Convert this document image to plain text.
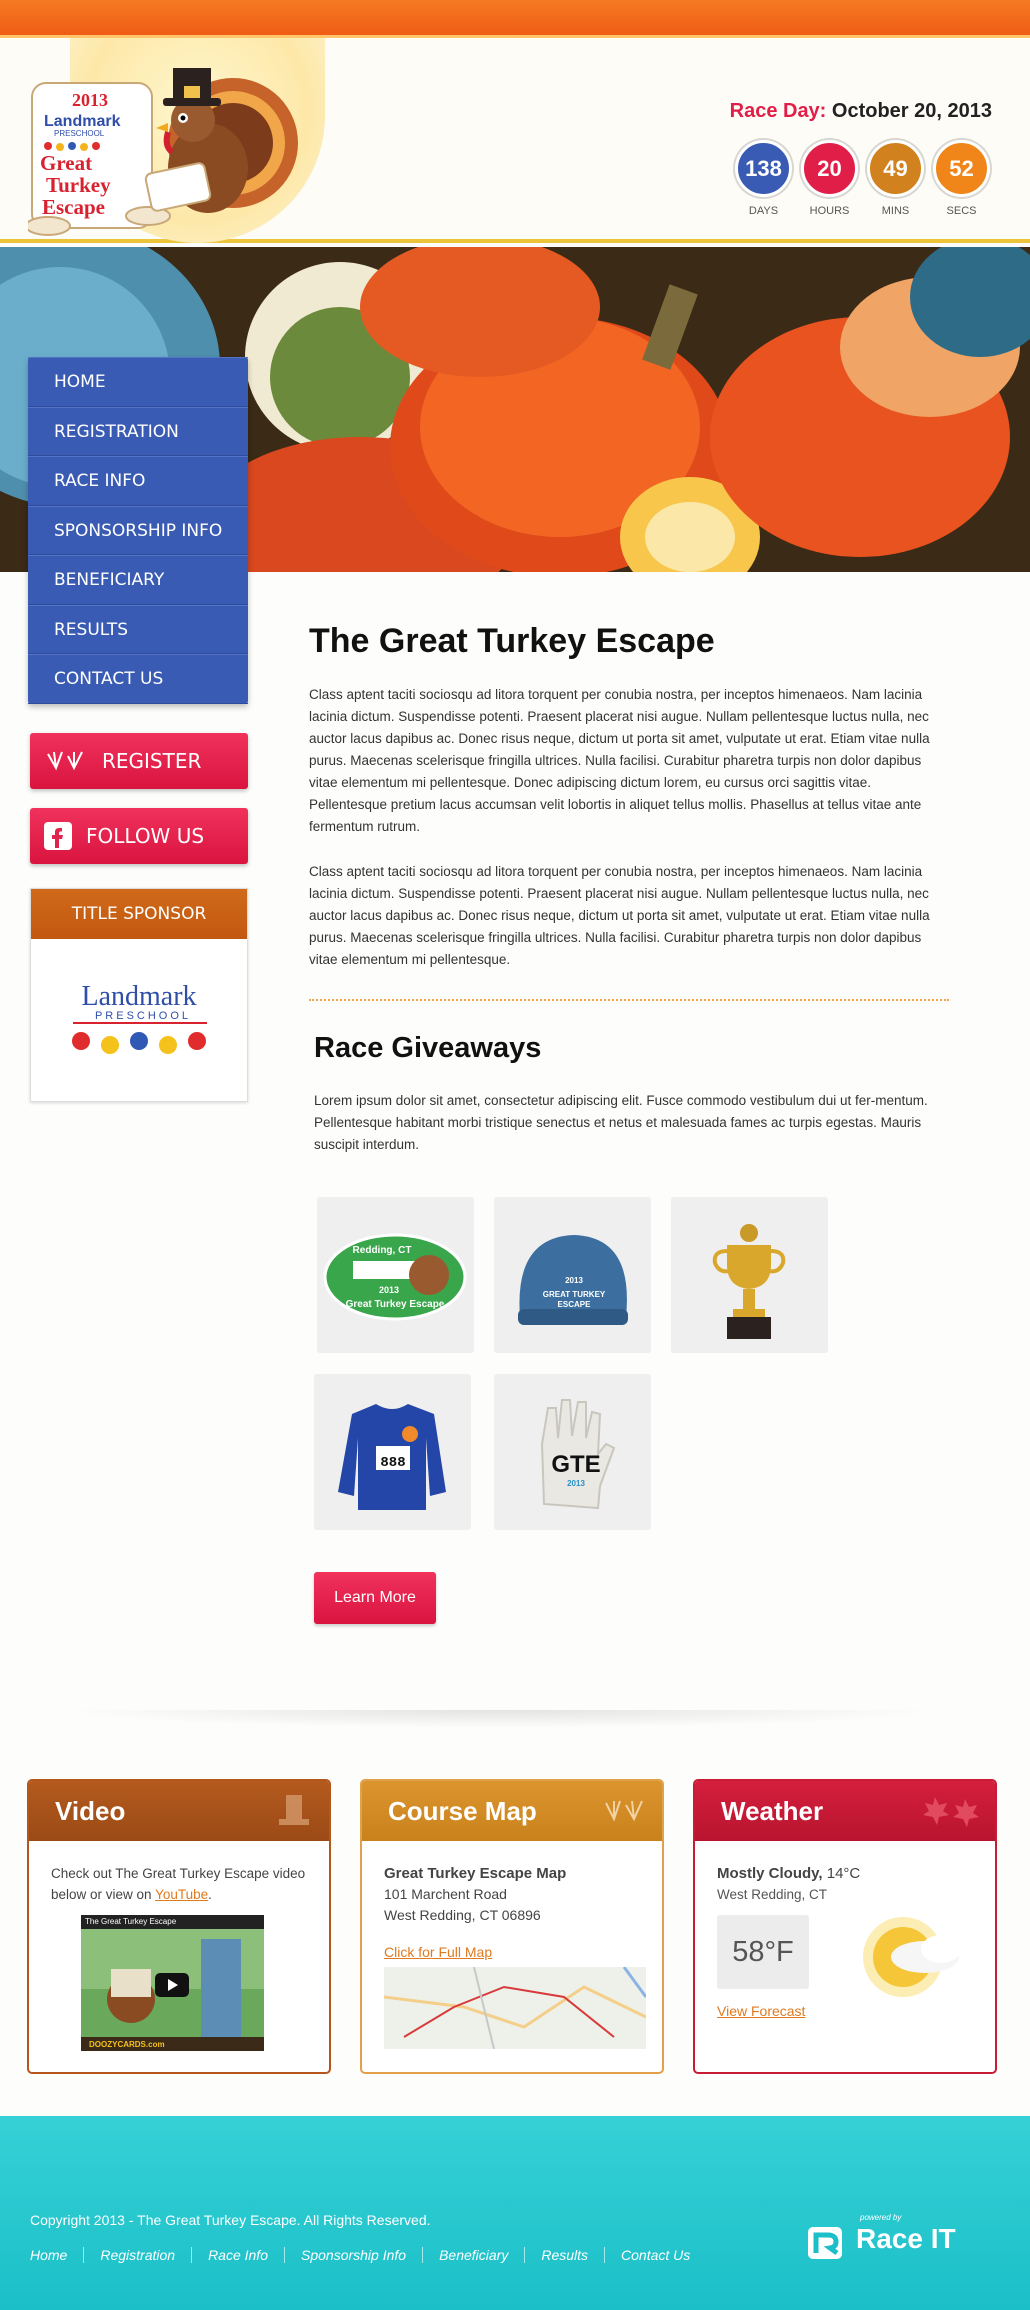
2013
Landmark
PRESCHOOL
Great
Turkey
Escape
Race Day: October 20, 2013
138
DAYS
20
HOURS
49
MINS
52
SECS
HOME
REGISTRATION
RACE INFO
SPONSORSHIP INFO
BENEFICIARY
RESULTS
CONTACT US
REGISTER
FOLLOW US
TITLE SPONSOR
Landmark
PRESCHOOL
The Great Turkey Escape

Class aptent taciti sociosqu ad litora torquent per conubia nostra, per inceptos himenaeos. Nam lacinia lacinia dictum. Suspendisse potenti. Praesent placerat nisi augue. Nullam pellentesque luctus nulla, nec auctor lacus dapibus ac. Donec risus neque, dictum ut porta sit amet, vulputate ut erat. Etiam vitae nulla purus. Maecenas scelerisque fringilla ultrices. Nulla facilisi. Curabitur pharetra turpis non dolor dapibus vitae elementum mi pellentesque. Donec adipiscing dictum lorem, eu cursus orci sagittis vitae. Pellentesque pretium lacus accumsan velit lobortis in aliquet tellus mollis. Phasellus at tellus vitae ante fermentum rutrum.

Class aptent taciti sociosqu ad litora torquent per conubia nostra, per inceptos himenaeos. Nam lacinia lacinia dictum. Suspendisse potenti. Praesent placerat nisi augue. Nullam pellentesque luctus nulla, nec auctor lacus dapibus ac. Donec risus neque, dictum ut porta sit amet, vulputate ut erat. Etiam vitae nulla purus. Maecenas scelerisque fringilla ultrices. Nulla facilisi. Curabitur pharetra turpis non dolor dapibus vitae elementum mi pellentesque.

Race Giveaways

Lorem ipsum dolor sit amet, consectetur adipiscing elit. Fusce commodo vestibulum dui ut fer-mentum. Pellentesque habitant morbi tristique senectus et netus et malesuada fames ac turpis egestas. Mauris suscipit interdum.

Redding, CT
2013
Great Turkey Escape
2013
GREAT TURKEY
ESCAPE
888	GTE
2013
Learn More
Video

Check out The Great Turkey Escape video below or view on YouTube.

The Great Turkey Escape
DOOZYCARDS.com
Course Map
Great Turkey Escape Map
101 Marchent Road
West Redding, CT 06896
Click for Full Map
Weather
Mostly Cloudy, 14°C
West Redding, CT
58°F
View Forecast
Copyright 2013 - The Great Turkey Escape. All Rights Reserved.
Home	Registration	Race Info	Sponsorship Info	Beneficiary	Results	Contact Us
powered by
Race IT
